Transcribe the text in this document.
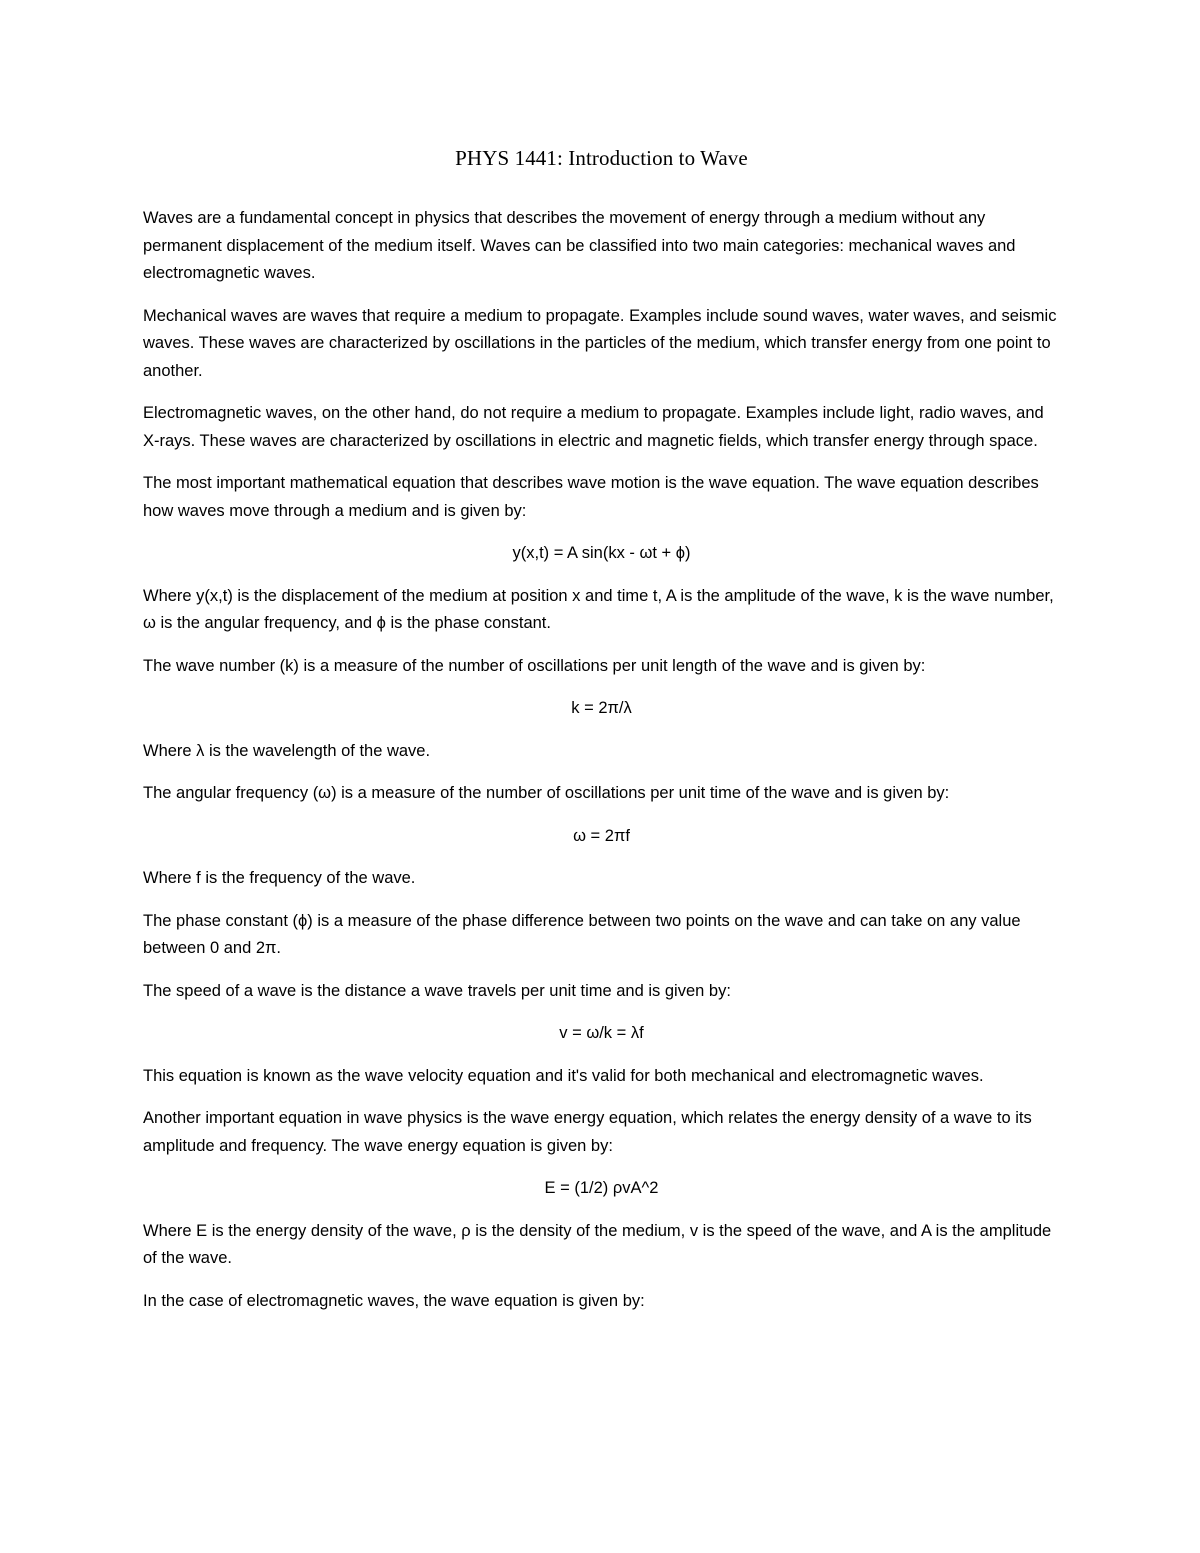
PHYS 1441: Introduction to Wave
Waves are a fundamental concept in physics that describes the movement of energy through a medium without any permanent displacement of the medium itself. Waves can be classified into two main categories: mechanical waves and electromagnetic waves.
Mechanical waves are waves that require a medium to propagate. Examples include sound waves, water waves, and seismic waves. These waves are characterized by oscillations in the particles of the medium, which transfer energy from one point to another.
Electromagnetic waves, on the other hand, do not require a medium to propagate. Examples include light, radio waves, and X-rays. These waves are characterized by oscillations in electric and magnetic fields, which transfer energy through space.
The most important mathematical equation that describes wave motion is the wave equation. The wave equation describes how waves move through a medium and is given by:
y(x,t) = A sin(kx - ωt + ϕ)
Where y(x,t) is the displacement of the medium at position x and time t, A is the amplitude of the wave, k is the wave number, ω is the angular frequency, and ϕ is the phase constant.
The wave number (k) is a measure of the number of oscillations per unit length of the wave and is given by:
k = 2π/λ
Where λ is the wavelength of the wave.
The angular frequency (ω) is a measure of the number of oscillations per unit time of the wave and is given by:
ω = 2πf
Where f is the frequency of the wave.
The phase constant (ϕ) is a measure of the phase difference between two points on the wave and can take on any value between 0 and 2π.
The speed of a wave is the distance a wave travels per unit time and is given by:
v = ω/k = λf
This equation is known as the wave velocity equation and it's valid for both mechanical and electromagnetic waves.
Another important equation in wave physics is the wave energy equation, which relates the energy density of a wave to its amplitude and frequency. The wave energy equation is given by:
E = (1/2) ρvA^2
Where E is the energy density of the wave, ρ is the density of the medium, v is the speed of the wave, and A is the amplitude of the wave.
In the case of electromagnetic waves, the wave equation is given by:
